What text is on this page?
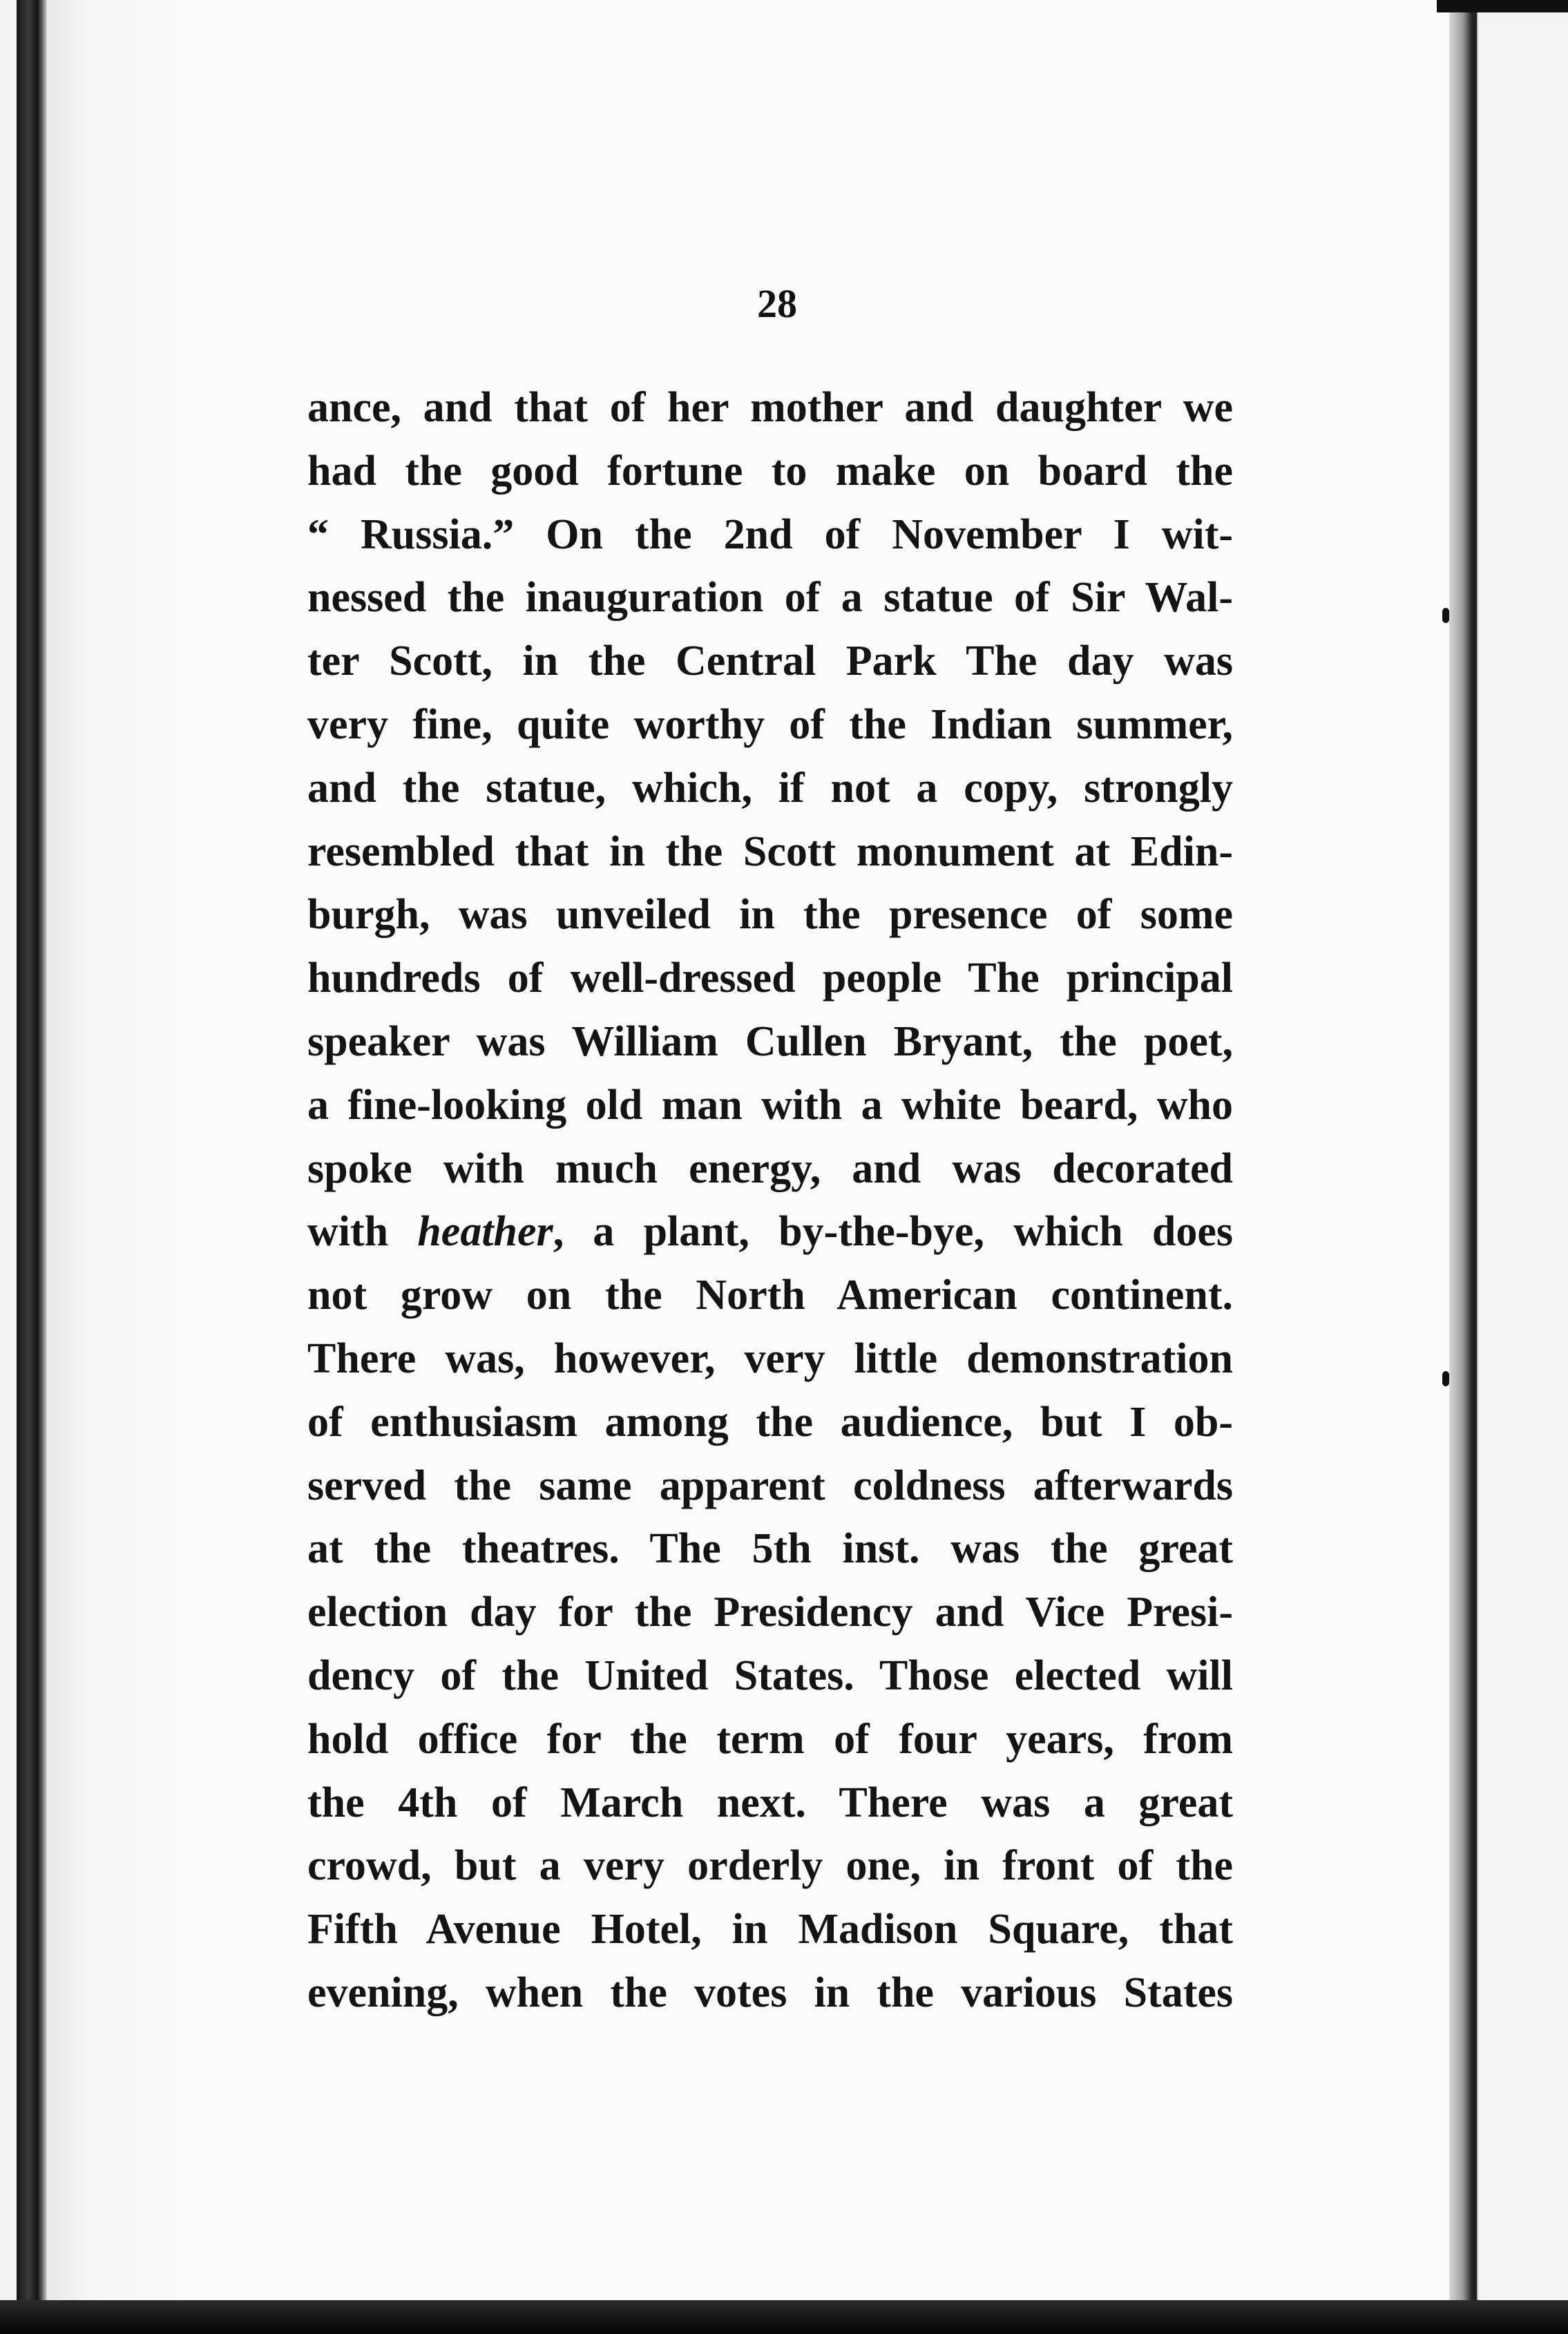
28

ance, and that of her mother and daughter we
had the good fortune to make on board the
“ Russia.” On the 2nd of November I wit-
nessed the inauguration of a statue of Sir Wal-
ter Scott, in the Central Park The day was
very fine, quite worthy of the Indian summer,
and the statue, which, if not a copy, strongly
resembled that in the Scott monument at Edin-
burgh, was unveiled in the presence of some
hundreds of well-dressed people The principal
speaker was William Cullen Bryant, the poet,
a fine-looking old man with a white beard, who
spoke with much energy, and was decorated
with heather, a plant, by-the-bye, which does
not grow on the North American continent.
There was, however, very little demonstration
of enthusiasm among the audience, but I ob-
served the same apparent coldness afterwards
at the theatres. The 5th inst. was the great
election day for the Presidency and Vice Presi-
dency of the United States. Those elected will
hold office for the term of four years, from
the 4th of March next. There was a great
crowd, but a very orderly one, in front of the
Fifth Avenue Hotel, in Madison Square, that
evening, when the votes in the various States
